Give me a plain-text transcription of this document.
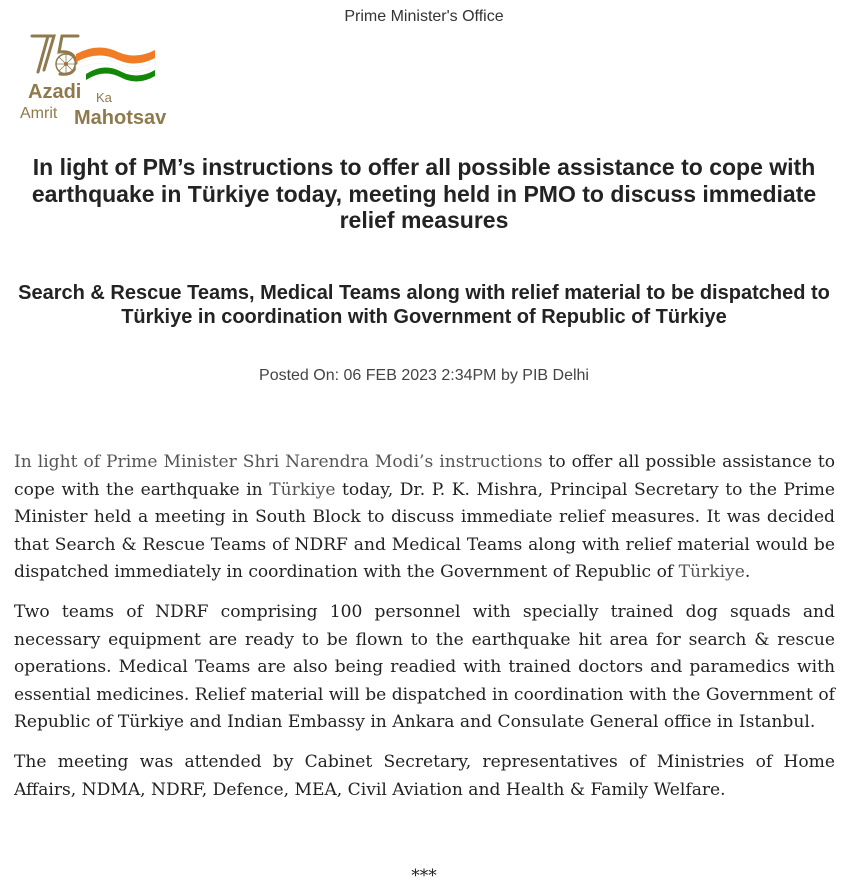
Prime Minister's Office
Azadi Ka
Amrit Mahotsav
In light of PM’s instructions to offer all possible assistance to cope with earthquake in Türkiye today, meeting held in PMO to discuss immediate relief measures
Search & Rescue Teams, Medical Teams along with relief material to be dispatched to Türkiye in coordination with Government of Republic of Türkiye
Posted On: 06 FEB 2023 2:34PM by PIB Delhi

In light of Prime Minister Shri Narendra Modi’s instructions to offer all possible assistance to cope with the earthquake in Türkiye today, Dr. P. K. Mishra, Principal Secretary to the Prime Minister held a meeting in South Block to discuss immediate relief measures. It was decided that Search & Rescue Teams of NDRF and Medical Teams along with relief material would be dispatched immediately in coordination with the Government of Republic of Türkiye.

Two teams of NDRF comprising 100 personnel with specially trained dog squads and necessary equipment are ready to be flown to the earthquake hit area for search & rescue operations. Medical Teams are also being readied with trained doctors and paramedics with essential medicines. Relief material will be dispatched in coordination with the Government of Republic of Türkiye and Indian Embassy in Ankara and Consulate General office in Istanbul.

The meeting was attended by Cabinet Secretary, representatives of Ministries of Home Affairs, NDMA, NDRF, Defence, MEA, Civil Aviation and Health & Family Welfare.

***
